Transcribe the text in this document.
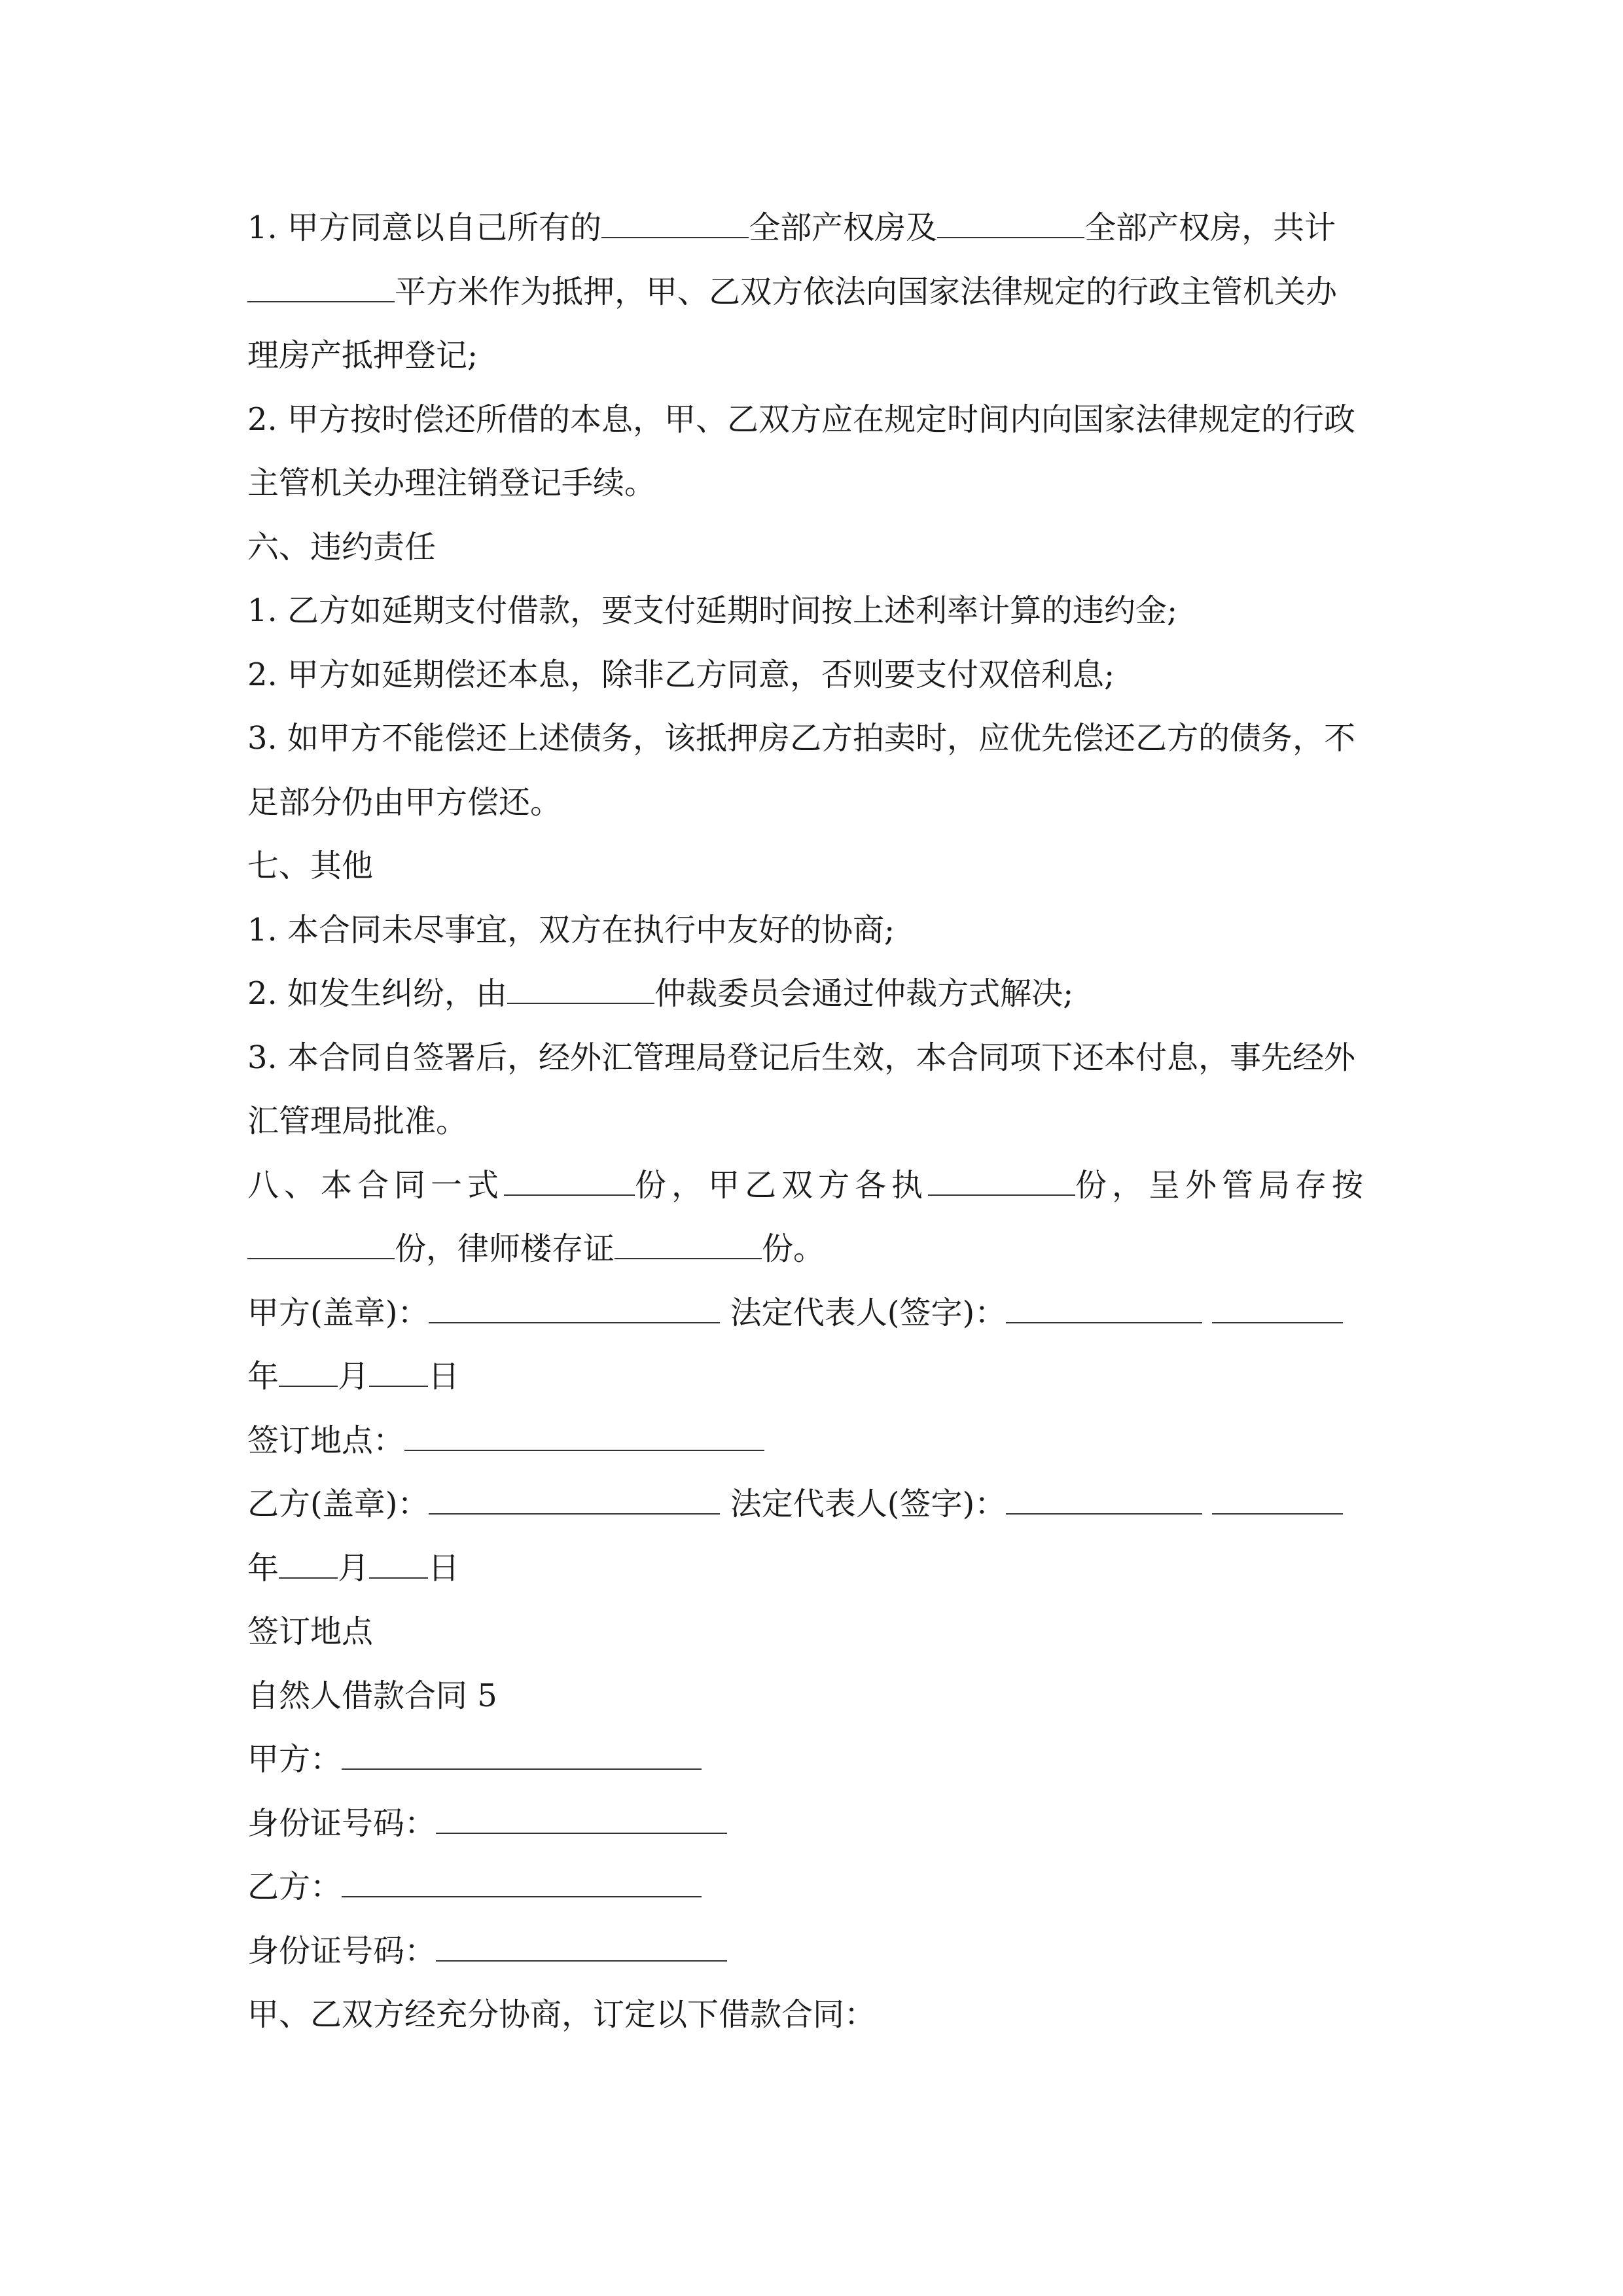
1. 甲方同意以自己所有的	全部产权房及	全部产权房，共计

平方米作为抵押，甲、乙双方依法向国家法律规定的行政主管机关办

理房产抵押登记;

2. 甲方按时偿还所借的本息，甲、乙双方应在规定时间内向国家法律规定的行政

主管机关办理注销登记手续。

六、违约责任

1. 乙方如延期支付借款，要支付延期时间按上述利率计算的违约金;

2. 甲方如延期偿还本息，除非乙方同意，否则要支付双倍利息;

3. 如甲方不能偿还上述债务，该抵押房乙方拍卖时，应优先偿还乙方的债务，不

足部分仍由甲方偿还。

七、其他

1. 本合同未尽事宜，双方在执行中友好的协商;

2. 如发生纠纷，由	仲裁委员会通过仲裁方式解决;

3. 本合同自签署后，经外汇管理局登记后生效，本合同项下还本付息，事先经外

汇管理局批准。

八、本合同一式	份，甲乙双方各执	份，呈外管局存按

份，律师楼存证	份。

甲方(盖章)：	法定代表人(签字)：

年 月 日

签订地点：

乙方(盖章)：	法定代表人(签字)：

年 月 日

签订地点

自然人借款合同 5

甲方：

身份证号码：

乙方：

身份证号码：

甲、乙双方经充分协商，订定以下借款合同：
